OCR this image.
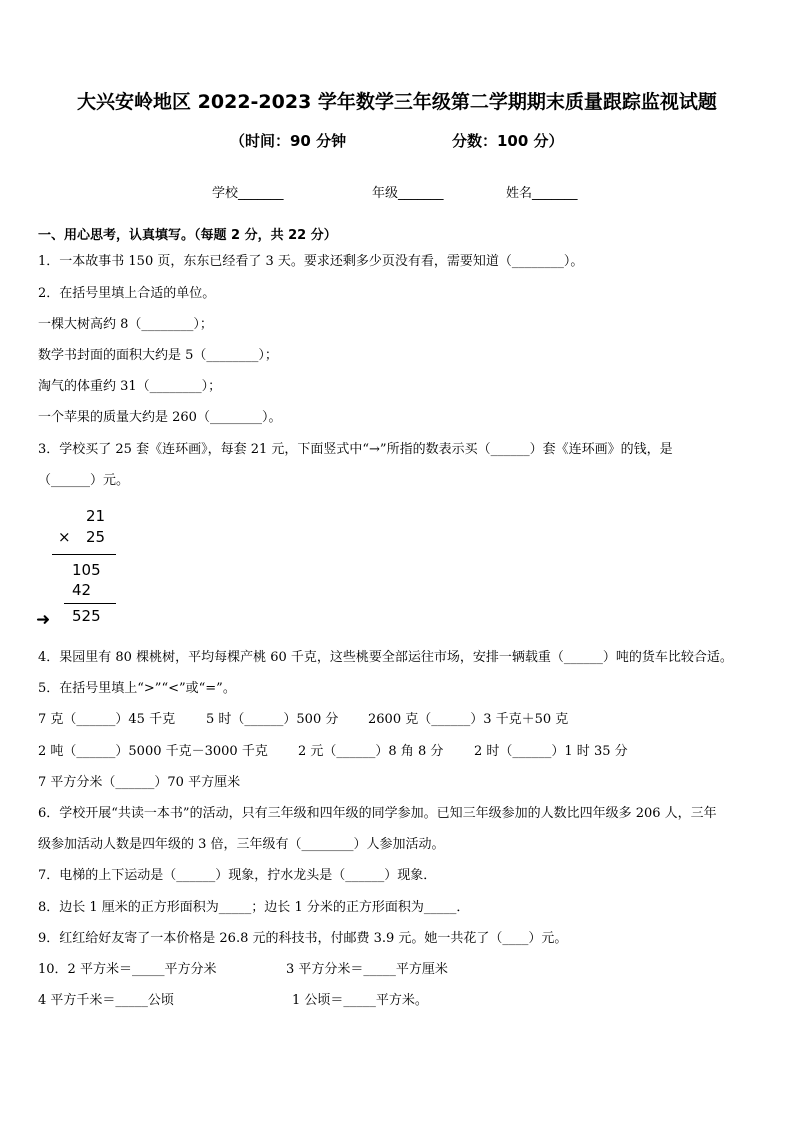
大兴安岭地区 2022-2023 学年数学三年级第二学期期末质量跟踪监视试题
（时间：90 分钟	分数：100 分）
学校_______	年级_______	姓名_______
一、用心思考，认真填写。（每题 2 分，共 22 分）
1．一本故事书 150 页，东东已经看了 3 天。要求还剩多少页没有看，需要知道（________）。
2．在括号里填上合适的单位。
一棵大树高约 8（________）；
数学书封面的面积大约是 5（________）；
淘气的体重约 31（________）；
一个苹果的质量大约是 260（________）。
3．学校买了 25 套《连环画》，每套 21 元，下面竖式中“→”所指的数表示买（______）套《连环画》的钱，是
（______）元。
21
× 25
105
42
➜ 525
4．果园里有 80 棵桃树，平均每棵产桃 60 千克，这些桃要全部运往市场，安排一辆载重（______）吨的货车比较合适。
5．在括号里填上“>”“<”或“=”。
7 克（______）45 千克 5 时（______）500 分 2600 克（______）3 千克＋50 克
2 吨（______）5000 千克－3000 千克 2 元（______）8 角 8 分 2 时（______）1 时 35 分
7 平方分米（______）70 平方厘米
6．学校开展“共读一本书”的活动，只有三年级和四年级的同学参加。已知三年级参加的人数比四年级多 206 人，三年
级参加活动人数是四年级的 3 倍，三年级有（________）人参加活动。
7．电梯的上下运动是（______）现象，拧水龙头是（______）现象．
8．边长 1 厘米的正方形面积为_____；边长 1 分米的正方形面积为_____．
9．红红给好友寄了一本价格是 26.8 元的科技书，付邮费 3.9 元。她一共花了（____）元。
10．2 平方米＝_____平方分米	3 平方分米＝_____平方厘米
4 平方千米＝_____公顷	1 公顷＝_____平方米。
